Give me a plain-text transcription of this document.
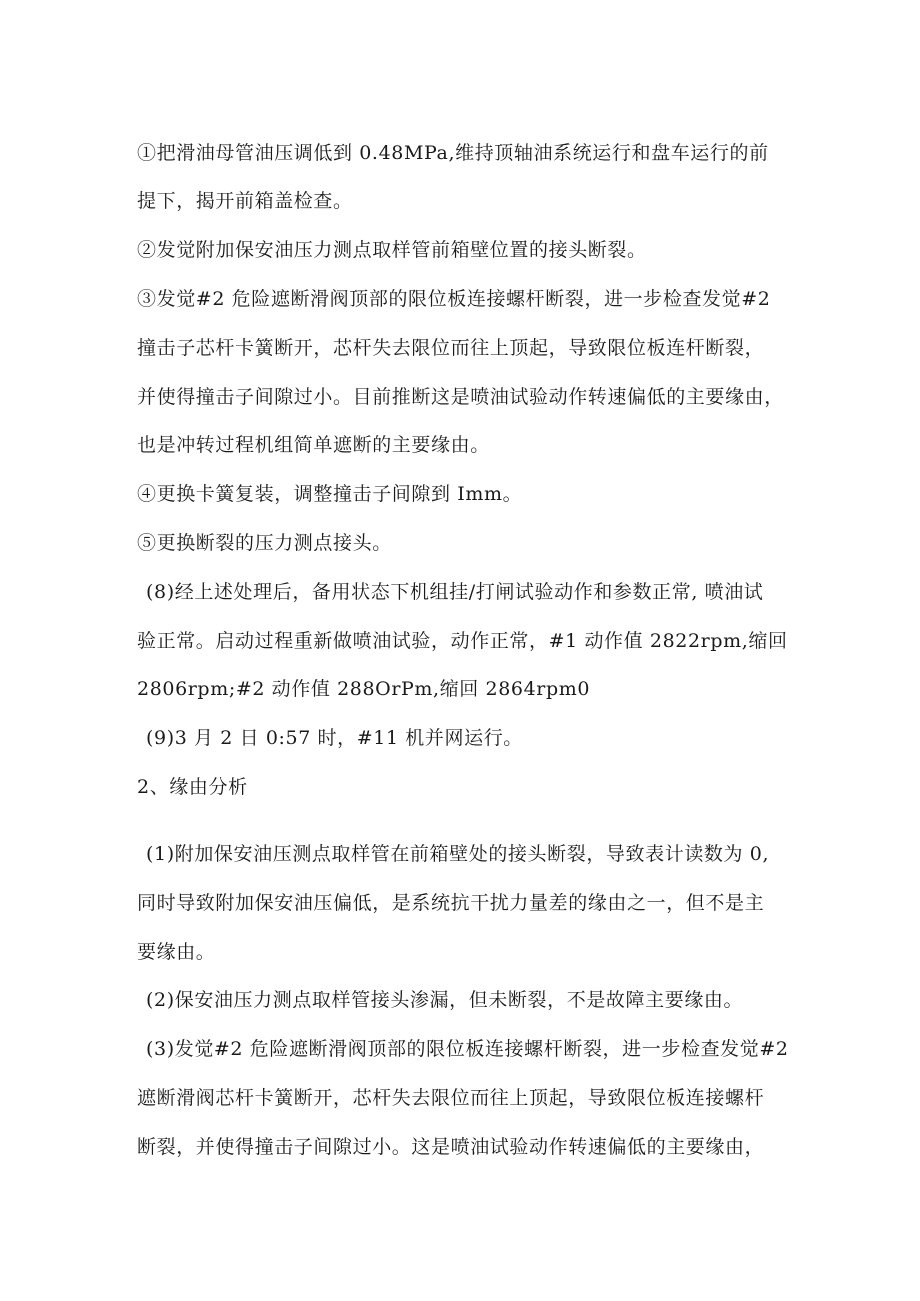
①把滑油母管油压调低到 0.48MPa,维持顶轴油系统运行和盘车运行的前

提下，揭开前箱盖检查。

②发觉附加保安油压力测点取样管前箱壁位置的接头断裂。

③发觉#2 危险遮断滑阀顶部的限位板连接螺杆断裂，进一步检查发觉#2

撞击子芯杆卡簧断开，芯杆失去限位而往上顶起，导致限位板连杆断裂，

并使得撞击子间隙过小。目前推断这是喷油试验动作转速偏低的主要缘由，

也是冲转过程机组简单遮断的主要缘由。

④更换卡簧复装，调整撞击子间隙到 Imm。

⑤更换断裂的压力测点接头。

(8)经上述处理后，备用状态下机组挂/打闸试验动作和参数正常, 喷油试

验正常。启动过程重新做喷油试验，动作正常，#1 动作值 2822rpm,缩回

2806rpm;#2 动作值 288OrPm,缩回 2864rpm0

(9)3 月 2 日 0:57 时，#11 机并网运行。

2、缘由分析

(1)附加保安油压测点取样管在前箱壁处的接头断裂，导致表计读数为 0,

同时导致附加保安油压偏低，是系统抗干扰力量差的缘由之一，但不是主

要缘由。

(2)保安油压力测点取样管接头渗漏，但未断裂，不是故障主要缘由。

(3)发觉#2 危险遮断滑阀顶部的限位板连接螺杆断裂，进一步检查发觉#2

遮断滑阀芯杆卡簧断开，芯杆失去限位而往上顶起，导致限位板连接螺杆

断裂，并使得撞击子间隙过小。这是喷油试验动作转速偏低的主要缘由，
